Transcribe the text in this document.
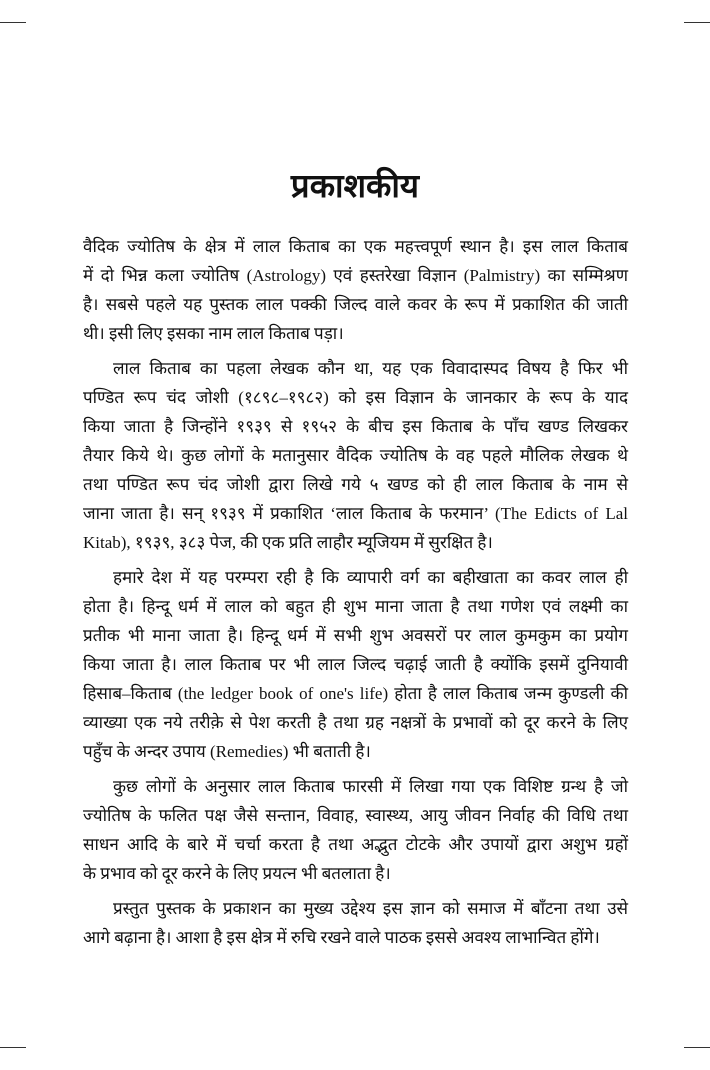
प्रकाशकीय
वैदिक ज्योतिष के क्षेत्र में लाल किताब का एक महत्त्वपूर्ण स्थान है। इस लाल किताब
में दो भिन्न कला ज्योतिष (Astrology) एवं हस्तरेखा विज्ञान (Palmistry) का सम्मिश्रण
है। सबसे पहले यह पुस्तक लाल पक्की जिल्द वाले कवर के रूप में प्रकाशित की जाती
थी। इसी लिए इसका नाम लाल किताब पड़ा।
लाल किताब का पहला लेखक कौन था, यह एक विवादास्पद विषय है फिर भी
पण्डित रूप चंद जोशी (१८९८–१९८२) को इस विज्ञान के जानकार के रूप के याद
किया जाता है जिन्होंने १९३९ से १९५२ के बीच इस किताब के पाँच खण्ड लिखकर
तैयार किये थे। कुछ लोगों के मतानुसार वैदिक ज्योतिष के वह पहले मौलिक लेखक थे
तथा पण्डित रूप चंद जोशी द्वारा लिखे गये ५ खण्ड को ही लाल किताब के नाम से
जाना जाता है। सन् १९३९ में प्रकाशित ‘लाल किताब के फरमान’ (The Edicts of Lal
Kitab), १९३९, ३८३ पेज, की एक प्रति लाहौर म्यूजियम में सुरक्षित है।
हमारे देश में यह परम्परा रही है कि व्यापारी वर्ग का बहीखाता का कवर लाल ही
होता है। हिन्दू धर्म में लाल को बहुत ही शुभ माना जाता है तथा गणेश एवं लक्ष्मी का
प्रतीक भी माना जाता है। हिन्दू धर्म में सभी शुभ अवसरों पर लाल कुमकुम का प्रयोग
किया जाता है। लाल किताब पर भी लाल जिल्द चढ़ाई जाती है क्योंकि इसमें दुनियावी
हिसाब–किताब (the ledger book of one's life) होता है लाल किताब जन्म कुण्डली की
व्याख्या एक नये तरीक़े से पेश करती है तथा ग्रह नक्षत्रों के प्रभावों को दूर करने के लिए
पहुँच के अन्दर उपाय (Remedies) भी बताती है।
कुछ लोगों के अनुसार लाल किताब फारसी में लिखा गया एक विशिष्ट ग्रन्थ है जो
ज्योतिष के फलित पक्ष जैसे सन्तान, विवाह, स्वास्थ्य, आयु जीवन निर्वाह की विधि तथा
साधन आदि के बारे में चर्चा करता है तथा अद्भुत टोटके और उपायों द्वारा अशुभ ग्रहों
के प्रभाव को दूर करने के लिए प्रयत्न भी बतलाता है।
प्रस्तुत पुस्तक के प्रकाशन का मुख्य उद्देश्य इस ज्ञान को समाज में बाँटना तथा उसे
आगे बढ़ाना है। आशा है इस क्षेत्र में रुचि रखने वाले पाठक इससे अवश्य लाभान्वित होंगे।
